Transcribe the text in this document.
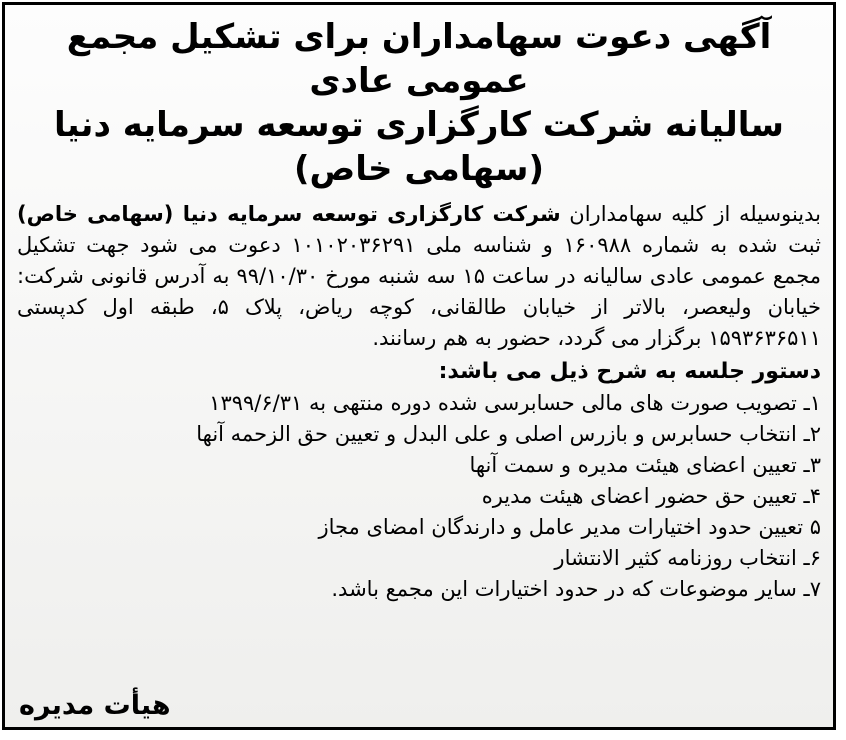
آگهی دعوت سهامداران برای تشکیل مجمع عمومی عادی
سالیانه شرکت کارگزاری توسعه سرمایه دنیا
(سهامی خاص)
بدینوسیله از کلیه سهامداران شرکت کارگزاری توسعه سرمایه دنیا (سهامی خاص) ثبت شده به شماره ۱۶۰۹۸۸ و شناسه ملی ۱۰۱۰۲۰۳۶۲۹۱ دعوت می شود جهت تشکیل مجمع عمومی عادی سالیانه در ساعت ۱۵ سه شنبه مورخ ۹۹/۱۰/۳۰ به آدرس قانونی شرکت: خیابان ولیعصر، بالاتر از خیابان طالقانی، کوچه ریاض، پلاک ۵، طبقه اول کدپستی ۱۵۹۳۶۳۶۵۱۱ برگزار می گردد، حضور به هم رسانند.
دستور جلسه به شرح ذیل می باشد:
۱ـ تصویب صورت های مالی حسابرسی شده دوره منتهی به ۱۳۹۹/۶/۳۱
۲ـ انتخاب حسابرس و بازرس اصلی و علی البدل و تعیین حق الزحمه آنها
۳ـ تعیین اعضای هیئت مدیره و سمت آنها
۴ـ تعیین حق حضور اعضای هیئت مدیره
۵ تعیین حدود اختیارات مدیر عامل و دارندگان امضای مجاز
۶ـ انتخاب روزنامه کثیر الانتشار
۷ـ سایر موضوعات که در حدود اختیارات این مجمع باشد.
هیأت مدیره
